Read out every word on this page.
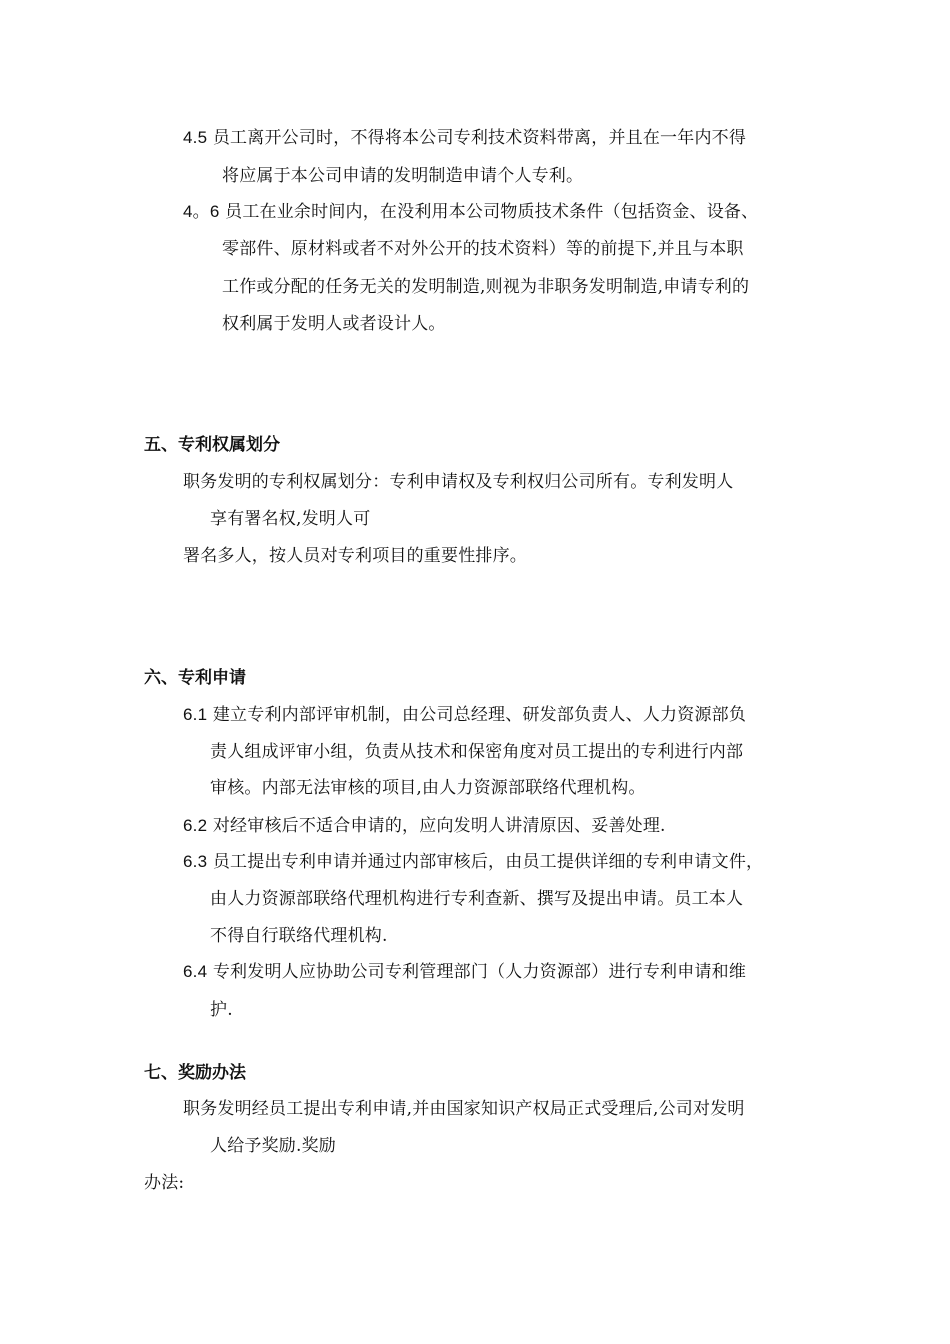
4.5 员工离开公司时，不得将本公司专利技术资料带离，并且在一年内不得
将应属于本公司申请的发明制造申请个人专利。
4。6 员工在业余时间内，在没利用本公司物质技术条件（包括资金、设备、
零部件、原材料或者不对外公开的技术资料）等的前提下,并且与本职
工作或分配的任务无关的发明制造,则视为非职务发明制造,申请专利的
权利属于发明人或者设计人。
五、专利权属划分
职务发明的专利权属划分：专利申请权及专利权归公司所有。专利发明人
享有署名权,发明人可
署名多人，按人员对专利项目的重要性排序。
六、专利申请
6.1 建立专利内部评审机制，由公司总经理、研发部负责人、人力资源部负
责人组成评审小组，负责从技术和保密角度对员工提出的专利进行内部
审核。内部无法审核的项目,由人力资源部联络代理机构。
6.2 对经审核后不适合申请的，应向发明人讲清原因、妥善处理.
6.3 员工提出专利申请并通过内部审核后，由员工提供详细的专利申请文件，
由人力资源部联络代理机构进行专利查新、撰写及提出申请。员工本人
不得自行联络代理机构.
6.4 专利发明人应协助公司专利管理部门（人力资源部）进行专利申请和维
护.
七、奖励办法
职务发明经员工提出专利申请,并由国家知识产权局正式受理后,公司对发明
人给予奖励.奖励
办法:
